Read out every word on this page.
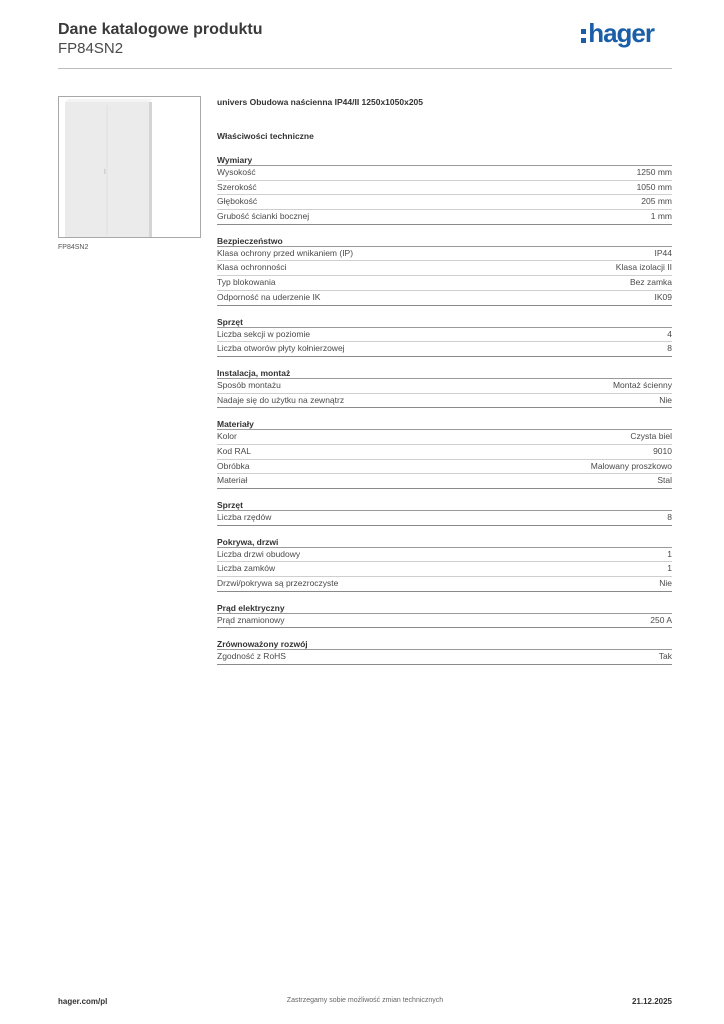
Dane katalogowe produktu
FP84SN2
hager
FP84SN2
univers Obudowa naścienna IP44/II 1250x1050x205
Właściwości techniczne
Wymiary
Wysokość	1250 mm
Szerokość	1050 mm
Głębokość	205 mm
Grubość ścianki bocznej	1 mm
Bezpieczeństwo
Klasa ochrony przed wnikaniem (IP)	IP44
Klasa ochronności	Klasa izolacji II
Typ blokowania	Bez zamka
Odporność na uderzenie IK	IK09
Sprzęt
Liczba sekcji w poziomie	4
Liczba otworów płyty kołnierzowej	8
Instalacja, montaż
Sposób montażu	Montaż ścienny
Nadaje się do użytku na zewnątrz	Nie
Materiały
Kolor	Czysta biel
Kod RAL	9010
Obróbka	Malowany proszkowo
Materiał	Stal
Sprzęt
Liczba rzędów	8
Pokrywa, drzwi
Liczba drzwi obudowy	1
Liczba zamków	1
Drzwi/pokrywa są przezroczyste	Nie
Prąd elektryczny
Prąd znamionowy	250 A
Zrównoważony rozwój
Zgodność z RoHS	Tak
Zastrzegamy sobie możliwość zmian technicznych
hager.com/pl	21.12.2025
